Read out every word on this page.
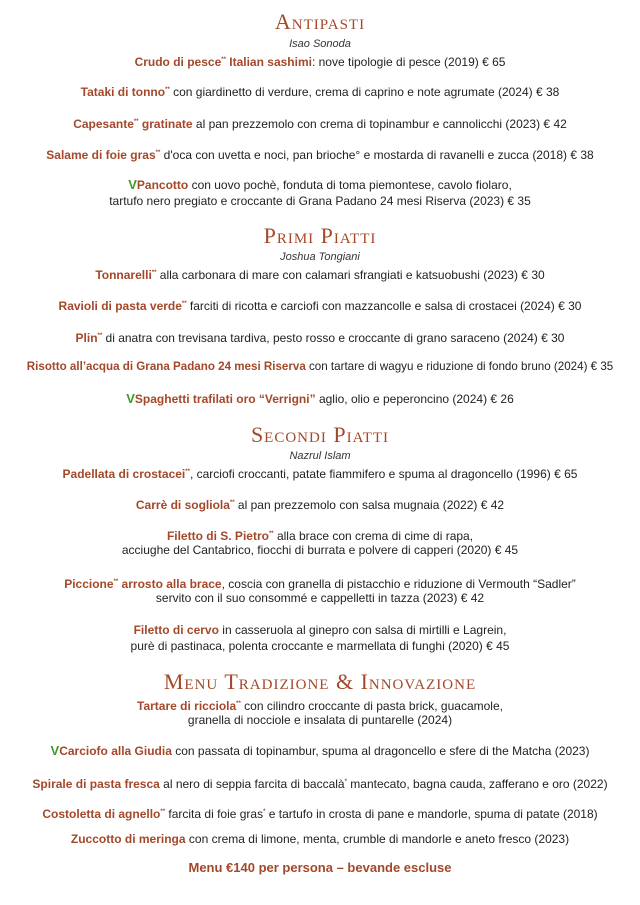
Antipasti
Isao Sonoda
Crudo di pesce** Italian sashimi: nove tipologie di pesce (2019) € 65
Tataki di tonno** con giardinetto di verdure, crema di caprino e note agrumate (2024) € 38
Capesante** gratinate al pan prezzemolo con crema di topinambur e cannolicchi (2023) € 42
Salame di foie gras** d'oca con uvetta e noci, pan brioche° e mostarda di ravanelli e zucca (2018) € 38
VPancotto con uovo pochè, fonduta di toma piemontese, cavolo fiolaro,
tartufo nero pregiato e croccante di Grana Padano 24 mesi Riserva (2023) € 35
Primi Piatti
Joshua Tongiani
Tonnarelli** alla carbonara di mare con calamari sfrangiati e katsuobushi (2023) € 30
Ravioli di pasta verde** farciti di ricotta e carciofi con mazzancolle e salsa di crostacei (2024) € 30
Plin** di anatra con trevisana tardiva, pesto rosso e croccante di grano saraceno (2024) € 30
Risotto all’acqua di Grana Padano 24 mesi Riserva con tartare di wagyu e riduzione di fondo bruno (2024) € 35
VSpaghetti trafilati oro “Verrigni” aglio, olio e peperoncino (2024) € 26
Secondi Piatti
Nazrul Islam
Padellata di crostacei**, carciofi croccanti, patate fiammifero e spuma al dragoncello (1996) € 65
Carrè di sogliola** al pan prezzemolo con salsa mugnaia (2022) € 42
Filetto di S. Pietro** alla brace con crema di cime di rapa,
acciughe del Cantabrico, fiocchi di burrata e polvere di capperi (2020) € 45
Piccione** arrosto alla brace, coscia con granella di pistacchio e riduzione di Vermouth “Sadler”
servito con il suo consommé e cappelletti in tazza (2023) € 42
Filetto di cervo in casseruola al ginepro con salsa di mirtilli e Lagrein,
purè di pastinaca, polenta croccante e marmellata di funghi (2020) € 45
Menu Tradizione & Innovazione
Tartare di ricciola** con cilindro croccante di pasta brick, guacamole,
granella di nocciole e insalata di puntarelle (2024)
VCarciofo alla Giudia con passata di topinambur, spuma al dragoncello e sfere di the Matcha (2023)
Spirale di pasta fresca al nero di seppia farcita di baccalà* mantecato, bagna cauda, zafferano e oro (2022)
Costoletta di agnello** farcita di foie gras* e tartufo in crosta di pane e mandorle, spuma di patate (2018)
Zuccotto di meringa con crema di limone, menta, crumble di mandorle e aneto fresco (2023)
Menu €140 per persona – bevande escluse
